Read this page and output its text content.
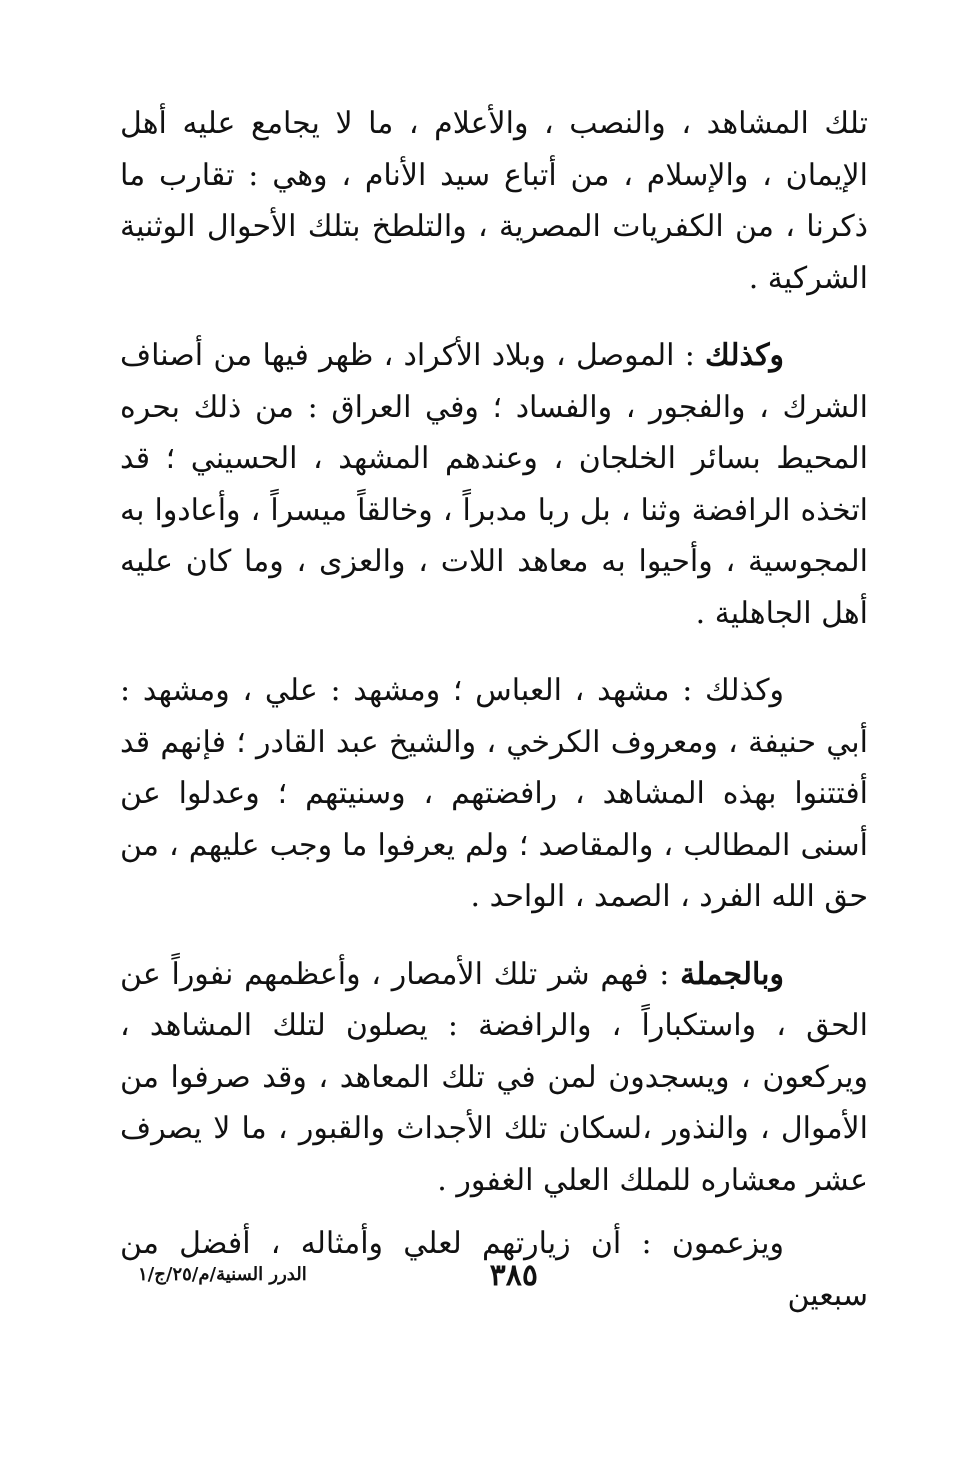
تلك المشاهد ، والنصب ، والأعلام ، ما لا يجامع عليه أهل الإيمان ، والإسلام ، من أتباع سيد الأنام ، وهي : تقارب ما ذكرنا ، من الكفريات المصرية ، والتلطخ بتلك الأحوال الوثنية الشركية .

وكذلك : الموصل ، وبلاد الأكراد ، ظهر فيها من أصناف الشرك ، والفجور ، والفساد ؛ وفي العراق : من ذلك بحره المحيط بسائر الخلجان ، وعندهم المشهد ، الحسيني ؛ قد اتخذه الرافضة وثنا ، بل ربا مدبراً ، وخالقاً ميسراً ، وأعادوا به المجوسية ، وأحيوا به معاهد اللات ، والعزى ، وما كان عليه أهل الجاهلية .

وكذلك : مشهد ، العباس ؛ ومشهد : علي ، ومشهد : أبي حنيفة ، ومعروف الكرخي ، والشيخ عبد القادر ؛ فإنهم قد أفتتنوا بهذه المشاهد ، رافضتهم ، وسنيتهم ؛ وعدلوا عن أسنى المطالب ، والمقاصد ؛ ولم يعرفوا ما وجب عليهم ، من حق الله الفرد ، الصمد ، الواحد .

وبالجملة : فهم شر تلك الأمصار ، وأعظمهم نفوراً عن الحق ، واستكباراً ، والرافضة : يصلون لتلك المشاهد ، ويركعون ، ويسجدون لمن في تلك المعاهد ، وقد صرفوا من الأموال ، والنذور ،لسكان تلك الأجداث والقبور ، ما لا يصرف عشر معشاره للملك العلي الغفور .

ويزعمون : أن زيارتهم لعلي وأمثاله ، أفضل من سبعين

٣٨٥
الدرر السنية/م/٢٥/ج/١
